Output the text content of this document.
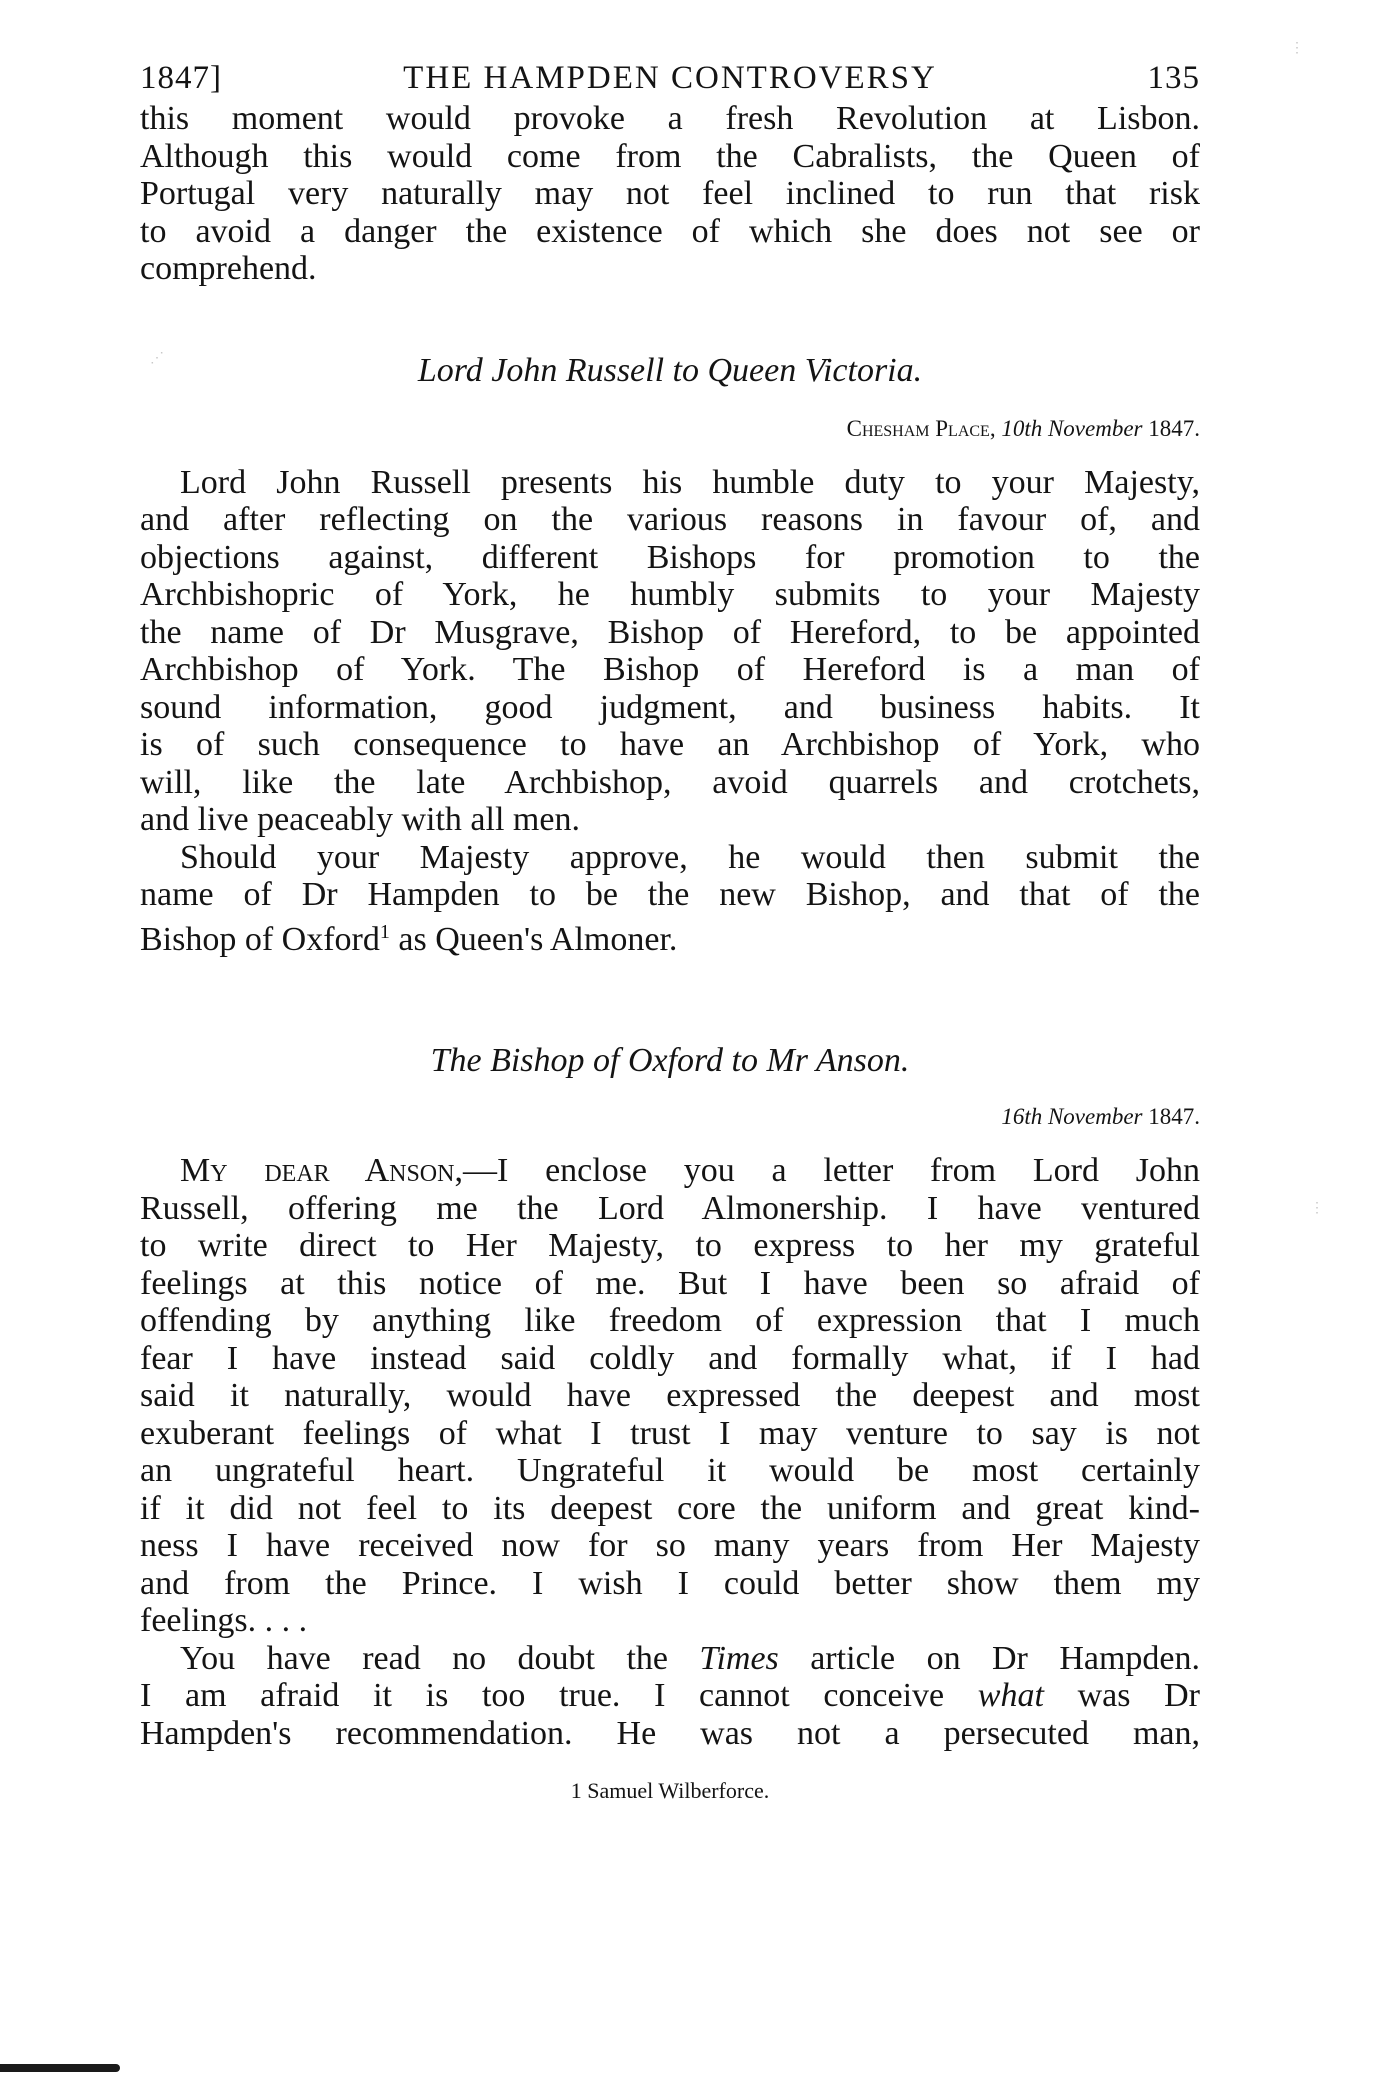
1847]	THE HAMPDEN CONTROVERSY	135
this moment would provoke a fresh Revolution at Lisbon.
Although this would come from the Cabralists, the Queen of
Portugal very naturally may not feel inclined to run that risk
to avoid a danger the existence of which she does not see or
comprehend.

Lord John Russell to Queen Victoria.

Chesham Place, 10th November 1847.

Lord John Russell presents his humble duty to your Majesty,
and after reflecting on the various reasons in favour of, and
objections against, different Bishops for promotion to the
Archbishopric of York, he humbly submits to your Majesty
the name of Dr Musgrave, Bishop of Hereford, to be appointed
Archbishop of York. The Bishop of Hereford is a man of
sound information, good judgment, and business habits. It
is of such consequence to have an Archbishop of York, who
will, like the late Archbishop, avoid quarrels and crotchets,
and live peaceably with all men.
Should your Majesty approve, he would then submit the
name of Dr Hampden to be the new Bishop, and that of the
Bishop of Oxford$^1$ as Queen's Almoner.

The Bishop of Oxford to Mr Anson.

16th November 1847.

My dear Anson,—I enclose you a letter from Lord John
Russell, offering me the Lord Almonership. I have ventured
to write direct to Her Majesty, to express to her my grateful
feelings at this notice of me. But I have been so afraid of
offending by anything like freedom of expression that I much
fear I have instead said coldly and formally what, if I had
said it naturally, would have expressed the deepest and most
exuberant feelings of what I trust I may venture to say is not
an ungrateful heart. Ungrateful it would be most certainly
if it did not feel to its deepest core the uniform and great kind-
ness I have received now for so many years from Her Majesty
and from the Prince. I wish I could better show them my
feelings. . . .
You have read no doubt the Times article on Dr Hampden.
I am afraid it is too true. I cannot conceive what was Dr
Hampden's recommendation. He was not a persecuted man,

1 Samuel Wilberforce.

⋰
⋮
⋮
